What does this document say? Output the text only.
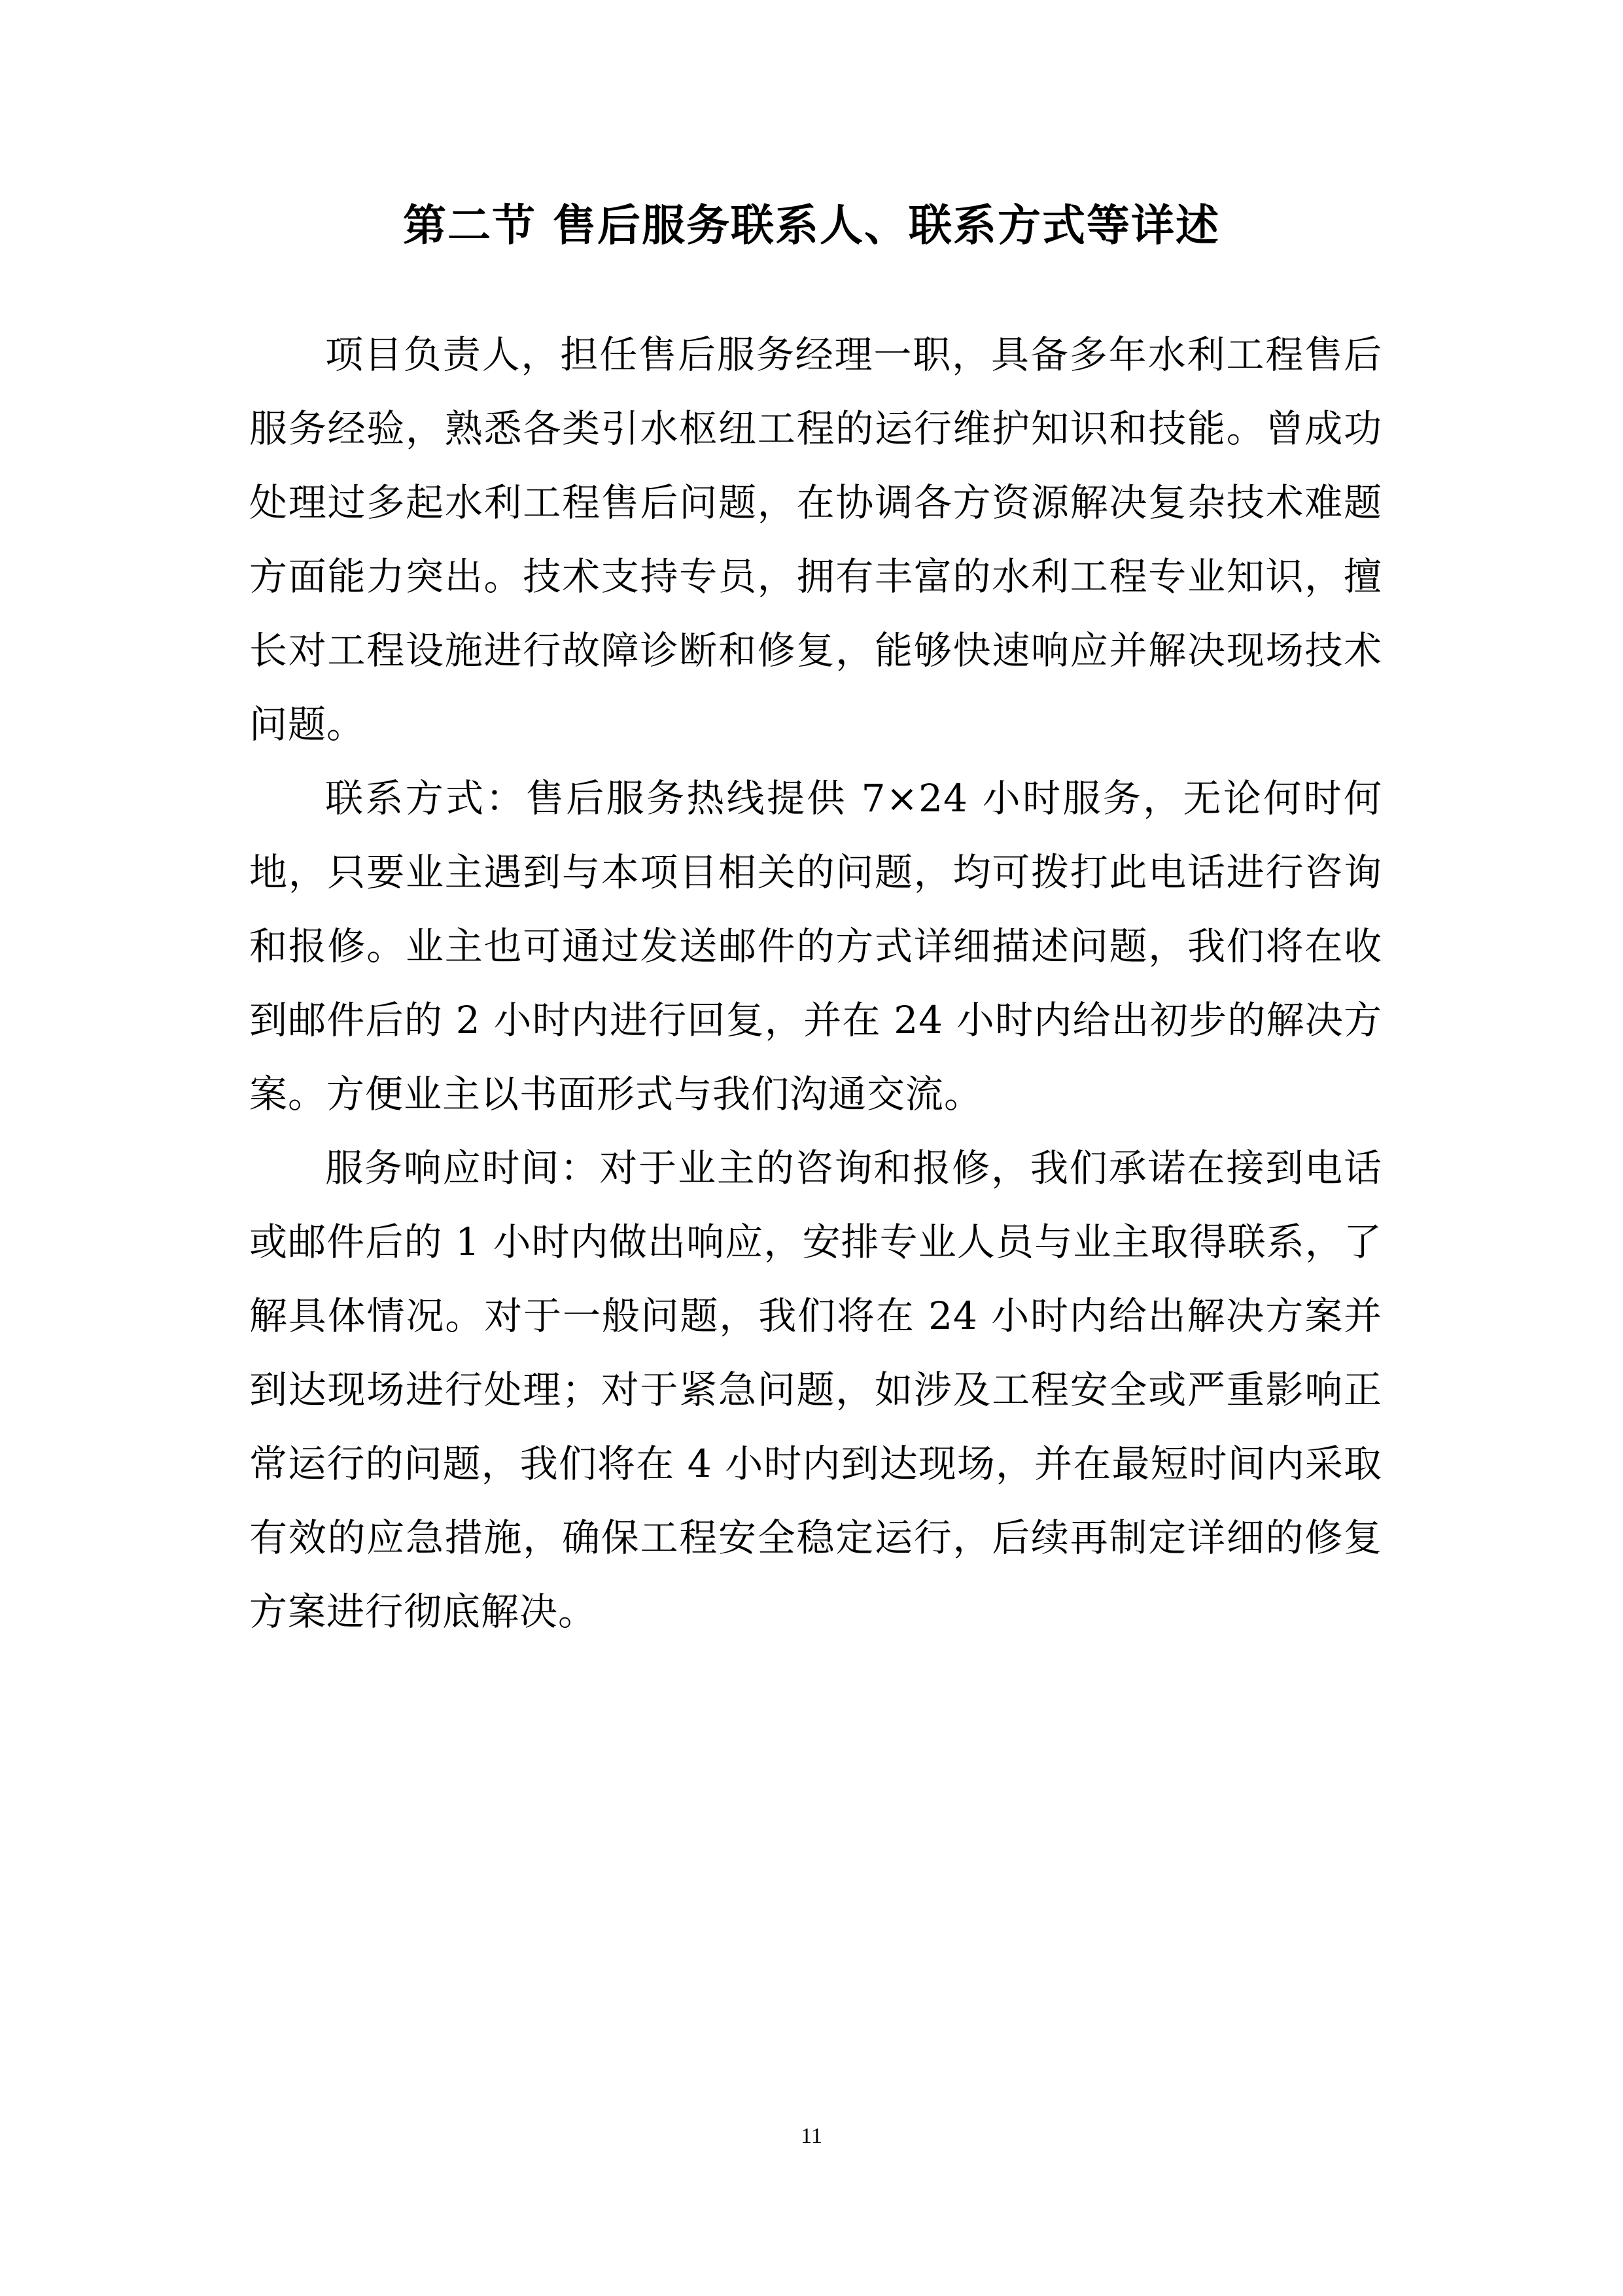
第二节 售后服务联系人、联系方式等详述

项目负责人，担任售后服务经理一职，具备多年水利工程售后服务经验，熟悉各类引水枢纽工程的运行维护知识和技能。曾成功处理过多起水利工程售后问题，在协调各方资源解决复杂技术难题方面能力突出。技术支持专员，拥有丰富的水利工程专业知识，擅长对工程设施进行故障诊断和修复，能够快速响应并解决现场技术问题。

联系方式：售后服务热线提供 7×24 小时服务，无论何时何地，只要业主遇到与本项目相关的问题，均可拨打此电话进行咨询和报修。业主也可通过发送邮件的方式详细描述问题，我们将在收到邮件后的 2 小时内进行回复，并在 24 小时内给出初步的解决方案。方便业主以书面形式与我们沟通交流。

服务响应时间：对于业主的咨询和报修，我们承诺在接到电话或邮件后的 1 小时内做出响应，安排专业人员与业主取得联系，了解具体情况。对于一般问题，我们将在 24 小时内给出解决方案并到达现场进行处理；对于紧急问题，如涉及工程安全或严重影响正常运行的问题，我们将在 4 小时内到达现场，并在最短时间内采取有效的应急措施，确保工程安全稳定运行，后续再制定详细的修复方案进行彻底解决。

11
